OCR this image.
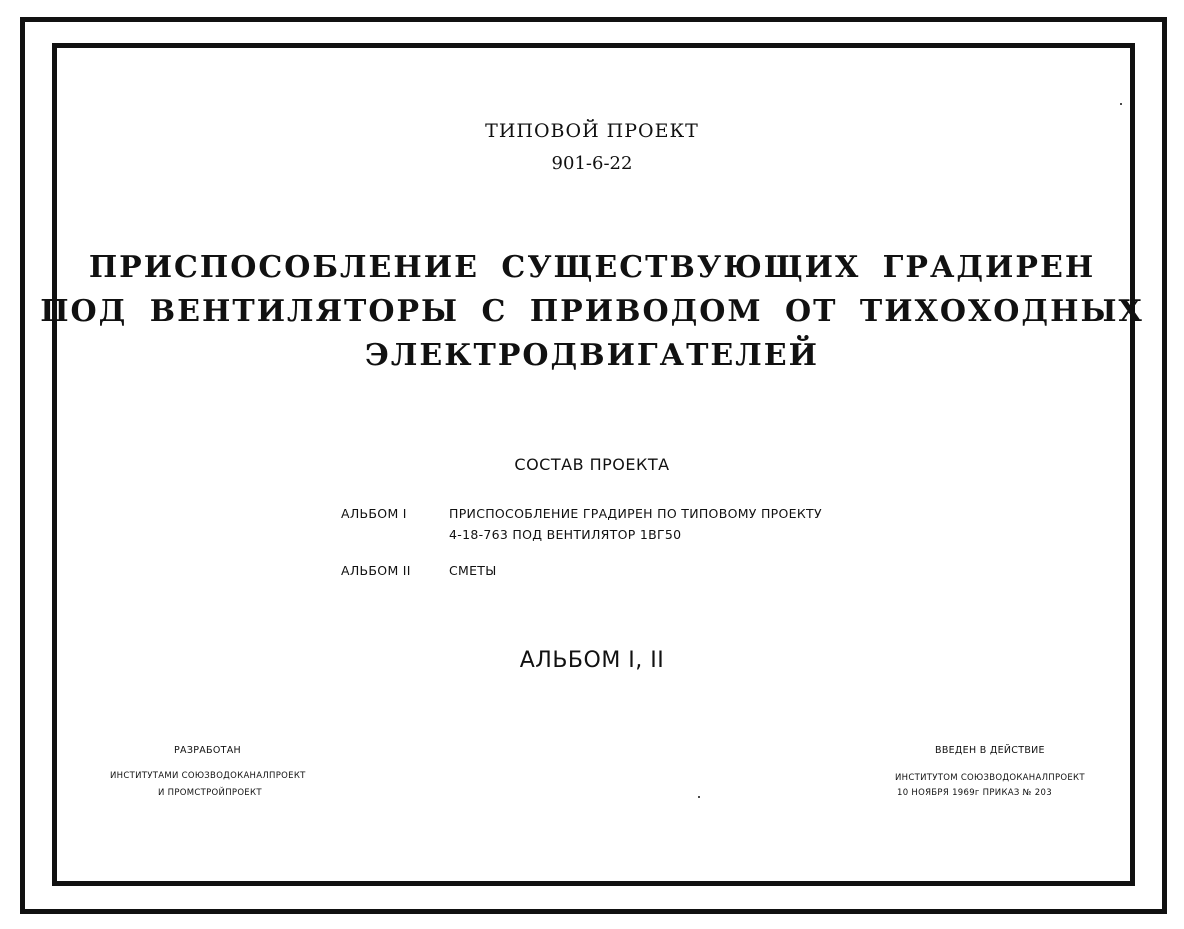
ТИПОВОЙ ПРОЕКТ
901-6-22
ПРИСПОСОБЛЕНИЕ СУЩЕСТВУЮЩИХ ГРАДИРЕН
ПОД ВЕНТИЛЯТОРЫ С ПРИВОДОМ ОТ ТИХОХОДНЫХ
ЭЛЕКТРОДВИГАТЕЛЕЙ
СОСТАВ ПРОЕКТА
АЛЬБОМ I	ПРИСПОСОБЛЕНИЕ ГРАДИРЕН ПО ТИПОВОМУ ПРОЕКТУ
4-18-763 ПОД ВЕНТИЛЯТОР 1ВГ50
АЛЬБОМ II	СМЕТЫ
АЛЬБОМ I, II
РАЗРАБОТАН
ИНСТИТУТАМИ СОЮЗВОДОКАНАЛПРОЕКТ
И ПРОМСТРОЙПРОЕКТ
ВВЕДЕН В ДЕЙСТВИЕ
ИНСТИТУТОМ СОЮЗВОДОКАНАЛПРОЕКТ
10 НОЯБРЯ 1969г ПРИКАЗ № 203
